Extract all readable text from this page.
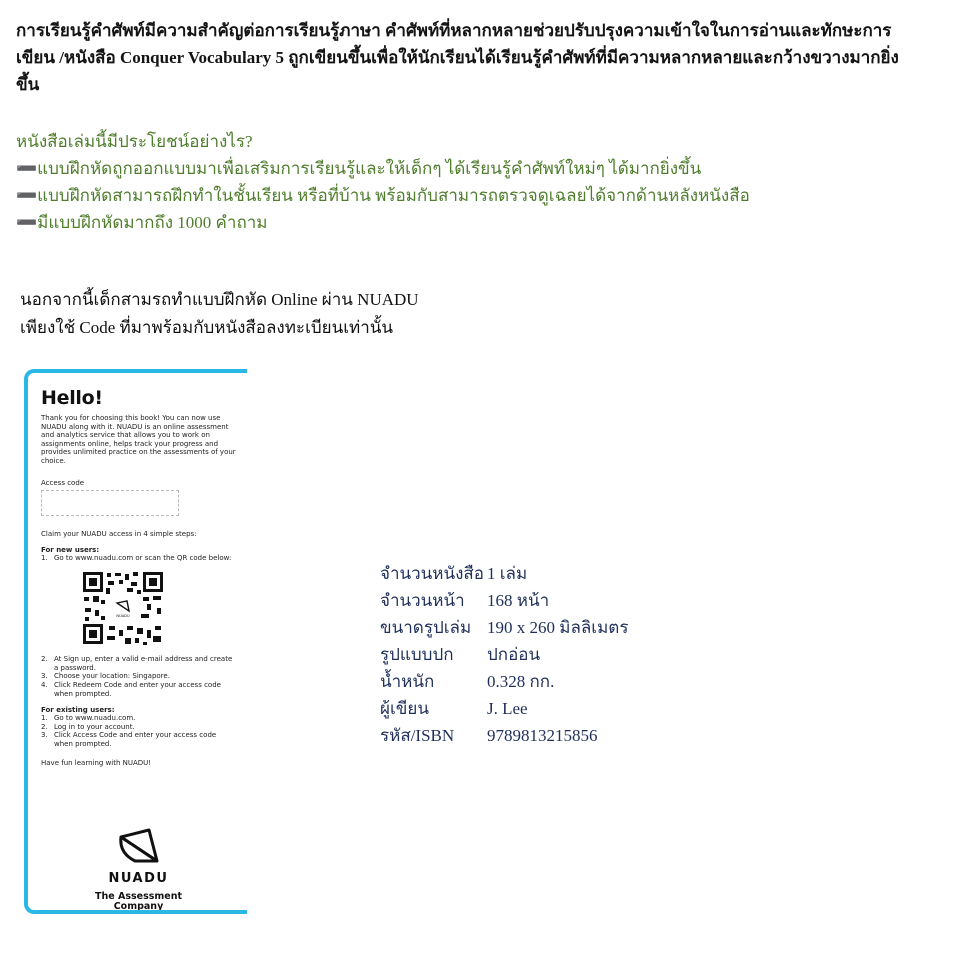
การเรียนรู้คำศัพท์มีความสำคัญต่อการเรียนรู้ภาษา คำศัพท์ที่หลากหลายช่วยปรับปรุงความเข้าใจในการอ่านและทักษะการเขียน /หนังสือ Conquer Vocabulary 5 ถูกเขียนขึ้นเพื่อให้นักเรียนได้เรียนรู้คำศัพท์ที่มีความหลากหลายและกว้างขวางมากยิ่งขึ้น

หนังสือเล่มนี้มีประโยชน์อย่างไร?
➖แบบฝึกหัดถูกออกแบบมาเพื่อเสริมการเรียนรู้และให้เด็กๆ ได้เรียนรู้คำศัพท์ใหม่ๆ ได้มากยิ่งขึ้น
➖แบบฝึกหัดสามารถฝึกทำในชั้นเรียน หรือที่บ้าน พร้อมกับสามารถตรวจดูเฉลยได้จากด้านหลังหนังสือ
➖มีแบบฝึกหัดมากถึง 1000 คำถาม
นอกจากนี้เด็กสามรถทำแบบฝึกหัด Online ผ่าน NUADU
เพียงใช้ Code ที่มาพร้อมกับหนังสือลงทะเบียนเท่านั้น
Hello!

Thank you for choosing this book! You can now use NUADU along with it. NUADU is an online assessment and analytics service that allows you to work on assignments online, helps track your progress and provides unlimited practice on the assessments of your choice.

Access code
Claim your NUADU access in 4 simple steps:
For new users:
1. Go to www.nuadu.com or scan the QR code below:
NUADU
2. At Sign up, enter a valid e-mail address and create a password.
3. Choose your location: Singapore.
4. Click Redeem Code and enter your access code when prompted.
For existing users:
1. Go to www.nuadu.com.
2. Log in to your account.
3. Click Access Code and enter your access code when prompted.
Have fun learning with NUADU!
NUADU
The Assessment
Company
จำนวนหนังสือ 1 เล่ม
จำนวนหน้า 168 หน้า
ขนาดรูปเล่ม 190 x 260 มิลลิเมตร
รูปแบบปก ปกอ่อน
น้ำหนัก	0.328 กก.
ผู้เขียน	J. Lee
รหัส/ISBN 9789813215856
